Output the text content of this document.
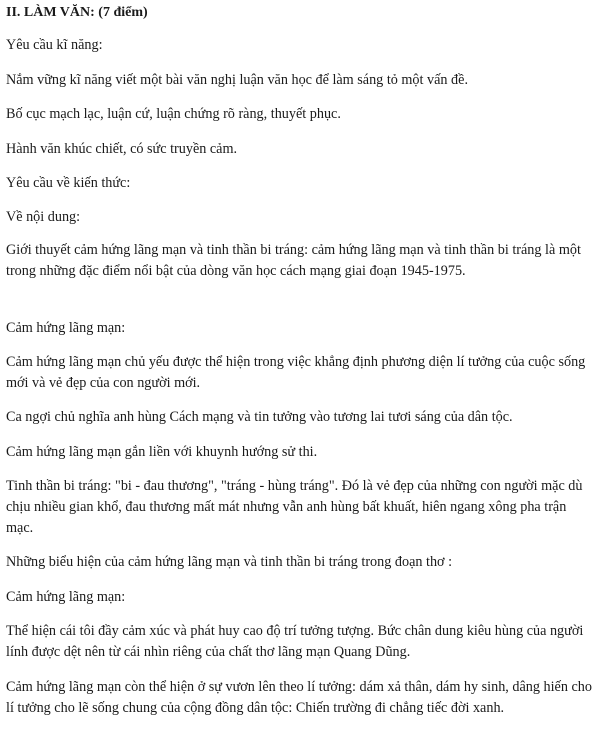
II. LÀM VĂN: (7 điểm)

Yêu cầu kĩ năng:

Nắm vững kĩ năng viết một bài văn nghị luận văn học để làm sáng tỏ một vấn đề.

Bố cục mạch lạc, luận cứ, luận chứng rõ ràng, thuyết phục.

Hành văn khúc chiết, có sức truyền cảm.

Yêu cầu về kiến thức:

Về nội dung:

Giới thuyết cảm hứng lãng mạn và tinh thần bi tráng: cảm hứng lãng mạn và tinh thần bi tráng là một trong những đặc điểm nổi bật của dòng văn học cách mạng giai đoạn 1945-1975.

Cảm hứng lãng mạn:

Cảm hứng lãng mạn chủ yếu được thể hiện trong việc khẳng định phương diện lí tưởng của cuộc sống mới và vẻ đẹp của con người mới.

Ca ngợi chủ nghĩa anh hùng Cách mạng và tin tưởng vào tương lai tươi sáng của dân tộc.

Cảm hứng lãng mạn gắn liền với khuynh hướng sử thi.

Tinh thần bi tráng: "bi - đau thương", "tráng - hùng tráng". Đó là vẻ đẹp của những con người mặc dù chịu nhiều gian khổ, đau thương mất mát nhưng vẫn anh hùng bất khuất, hiên ngang xông pha trận mạc.

Những biểu hiện của cảm hứng lãng mạn và tinh thần bi tráng trong đoạn thơ :

Cảm hứng lãng mạn:

Thể hiện cái tôi đầy cảm xúc và phát huy cao độ trí tưởng tượng. Bức chân dung kiêu hùng của người lính được dệt nên từ cái nhìn riêng của chất thơ lãng mạn Quang Dũng.

Cảm hứng lãng mạn còn thể hiện ở sự vươn lên theo lí tưởng: dám xả thân, dám hy sinh, dâng hiến cho lí tưởng cho lẽ sống chung của cộng đồng dân tộc: Chiến trường đi chẳng tiếc đời xanh.
